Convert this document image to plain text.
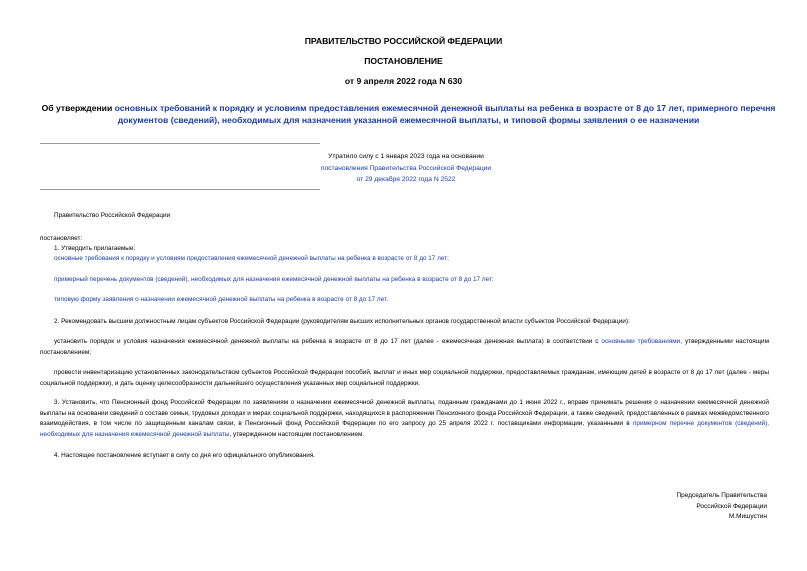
ПРАВИТЕЛЬСТВО РОССИЙСКОЙ ФЕДЕРАЦИИ
ПОСТАНОВЛЕНИЕ
от 9 апреля 2022 года N 630
Об утверждении основных требований к порядку и условиям предоставления ежемесячной денежной выплаты на ребенка в возрасте от 8 до 17 лет, примерного перечня документов (сведений), необходимых для назначения указанной ежемесячной выплаты, и типовой формы заявления о ее назначении
Утратило силу с 1 января 2023 года на основании
постановления Правительства Российской Федерации
от 29 декабря 2022 года N 2522
Правительство Российской Федерации
постановляет:
1. Утвердить прилагаемые:
основные требования к порядку и условиям предоставления ежемесячной денежной выплаты на ребенка в возрасте от 8 до 17 лет;
примерный перечень документов (сведений), необходимых для назначения ежемесячной денежной выплаты на ребенка в возрасте от 8 до 17 лет;
типовую форму заявления о назначении ежемесячной денежной выплаты на ребенка в возрасте от 8 до 17 лет.
2. Рекомендовать высшим должностным лицам субъектов Российской Федерации (руководителям высших исполнительных органов государственной власти субъектов Российской Федерации):
установить порядок и условия назначения ежемесячной денежной выплаты на ребенка в возрасте от 8 до 17 лет (далее - ежемесячная денежная выплата) в соответствии с основными требованиями, утвержденными настоящим постановлением;
провести инвентаризацию установленных законодательством субъектов Российской Федерации пособий, выплат и иных мер социальной поддержки, предоставляемых гражданам, имеющим детей в возрасте от 8 до 17 лет (далее - меры социальной поддержки), и дать оценку целесообразности дальнейшего осуществления указанных мер социальной поддержки.
3. Установить, что Пенсионный фонд Российской Федерации по заявлениям о назначении ежемесячной денежной выплаты, поданным гражданами до 1 июня 2022 г., вправе принимать решения о назначении ежемесячной денежной выплаты на основании сведений о составе семьи, трудовых доходах и мерах социальной поддержки, находящихся в распоряжении Пенсионного фонда Российской Федерации, а также сведений, предоставленных в рамках межведомственного взаимодействия, в том числе по защищенным каналам связи, в Пенсионный фонд Российской Федерации по его запросу до 25 апреля 2022 г. поставщиками информации, указанными в примерном перечне документов (сведений), необходимых для назначения ежемесячной денежной выплаты, утвержденном настоящим постановлением.
4. Настоящее постановление вступает в силу со дня его официального опубликования.
Председатель Правительства
Российской Федерации
М.Мишустин
